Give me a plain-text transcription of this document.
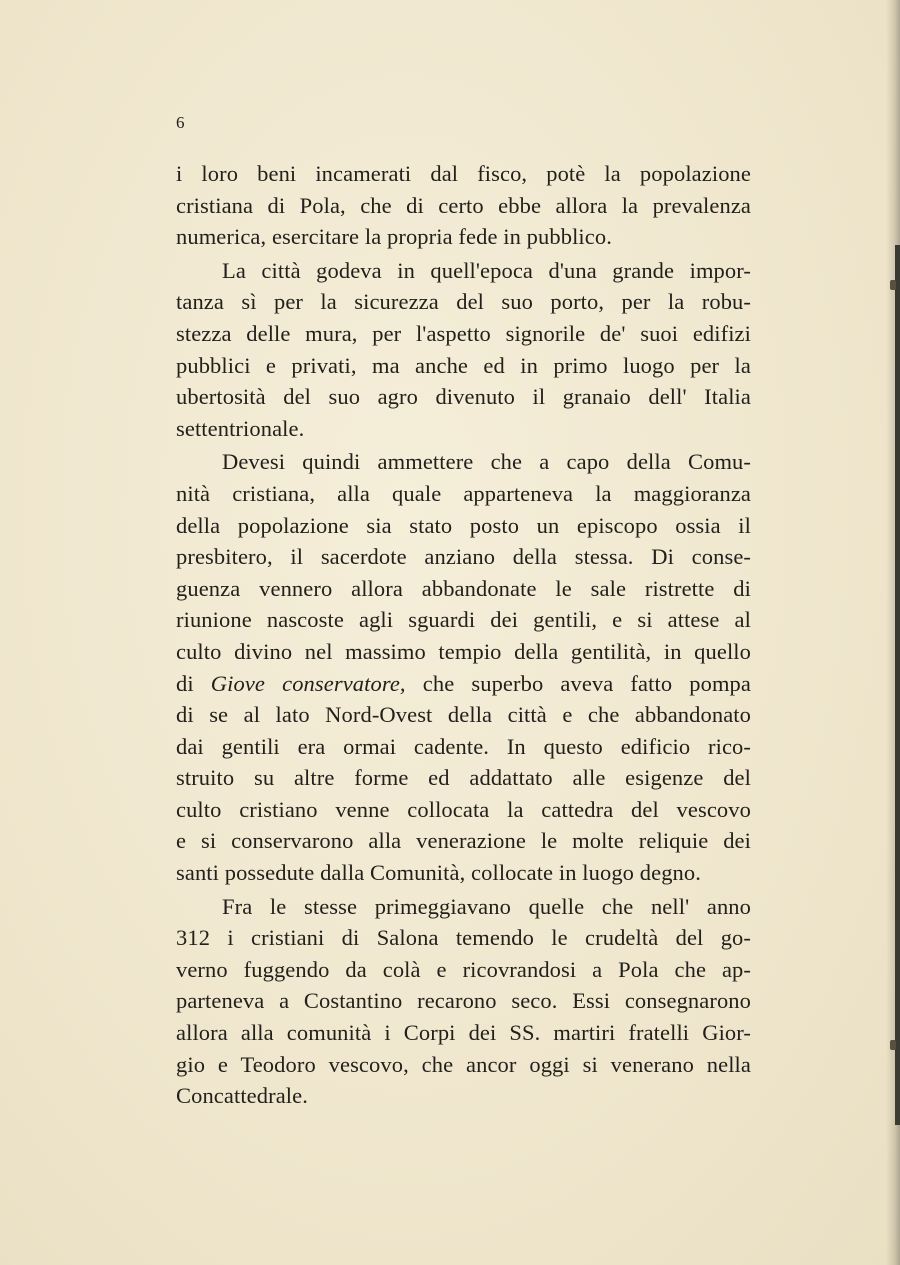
6
i loro beni incamerati dal fisco, potè la popolazione
cristiana di Pola, che di certo ebbe allora la prevalenza
numerica, esercitare la propria fede in pubblico.
La città godeva in quell'epoca d'una grande impor-
tanza sì per la sicurezza del suo porto, per la robu-
stezza delle mura, per l'aspetto signorile de' suoi edifizi
pubblici e privati, ma anche ed in primo luogo per la
ubertosità del suo agro divenuto il granaio dell' Italia
settentrionale.
Devesi quindi ammettere che a capo della Comu-
nità cristiana, alla quale apparteneva la maggioranza
della popolazione sia stato posto un episcopo ossia il
presbitero, il sacerdote anziano della stessa. Di conse-
guenza vennero allora abbandonate le sale ristrette di
riunione nascoste agli sguardi dei gentili, e si attese al
culto divino nel massimo tempio della gentilità, in quello
di Giove conservatore, che superbo aveva fatto pompa
di se al lato Nord-Ovest della città e che abbandonato
dai gentili era ormai cadente. In questo edificio rico-
struito su altre forme ed addattato alle esigenze del
culto cristiano venne collocata la cattedra del vescovo
e si conservarono alla venerazione le molte reliquie dei
santi possedute dalla Comunità, collocate in luogo degno.
Fra le stesse primeggiavano quelle che nell' anno
312 i cristiani di Salona temendo le crudeltà del go-
verno fuggendo da colà e ricovrandosi a Pola che ap-
parteneva a Costantino recarono seco. Essi consegnarono
allora alla comunità i Corpi dei SS. martiri fratelli Gior-
gio e Teodoro vescovo, che ancor oggi si venerano nella
Concattedrale.
